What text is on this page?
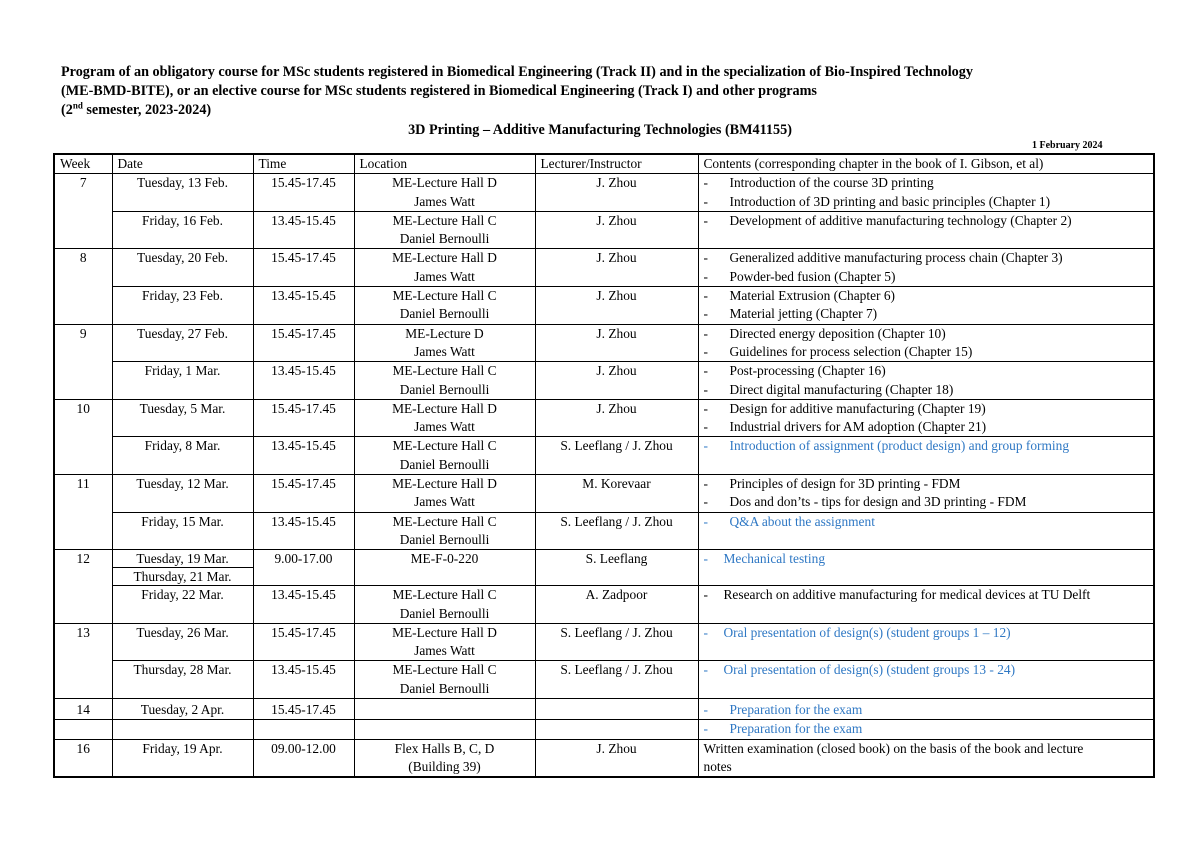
Program of an obligatory course for MSc students registered in Biomedical Engineering (Track II) and in the specialization of Bio-Inspired Technology

(ME-BMD-BITE), or an elective course for MSc students registered in Biomedical Engineering (Track I) and other programs

(2nd semester, 2023-2024)

3D Printing – Additive Manufacturing Technologies (BM41155)
1 February 2024
Week	Date	Time	Location	Lecturer/Instructor	Contents (corresponding chapter in the book of I. Gibson, et al)
7	Tuesday, 13 Feb.	15.45-17.45	ME-Lecture Hall D
James Watt	J. Zhou	- Introduction of the course 3D printing
- Introduction of 3D printing and basic principles (Chapter 1)

	Friday, 16 Feb.	13.45-15.45	ME-Lecture Hall C
Daniel Bernoulli	J. Zhou	- Development of additive manufacturing technology (Chapter 2)

8	Tuesday, 20 Feb.	15.45-17.45	ME-Lecture Hall D
James Watt	J. Zhou	- Generalized additive manufacturing process chain (Chapter 3)
- Powder-bed fusion (Chapter 5)

	Friday, 23 Feb.	13.45-15.45	ME-Lecture Hall C
Daniel Bernoulli	J. Zhou	- Material Extrusion (Chapter 6)
- Material jetting (Chapter 7)

9	Tuesday, 27 Feb.	15.45-17.45	ME-Lecture D
James Watt	J. Zhou	- Directed energy deposition (Chapter 10)
- Guidelines for process selection (Chapter 15)

	Friday, 1 Mar.	13.45-15.45	ME-Lecture Hall C
Daniel Bernoulli	J. Zhou	- Post-processing (Chapter 16)
- Direct digital manufacturing (Chapter 18)

10	Tuesday, 5 Mar.	15.45-17.45	ME-Lecture Hall D
James Watt	J. Zhou	- Design for additive manufacturing (Chapter 19)
- Industrial drivers for AM adoption (Chapter 21)

	Friday, 8 Mar.	13.45-15.45	ME-Lecture Hall C
Daniel Bernoulli	S. Leeflang / J. Zhou	- Introduction of assignment (product design) and group forming

11	Tuesday, 12 Mar.	15.45-17.45	ME-Lecture Hall D
James Watt	M. Korevaar	- Principles of design for 3D printing - FDM
- Dos and don’ts - tips for design and 3D printing - FDM

	Friday, 15 Mar.	13.45-15.45	ME-Lecture Hall C
Daniel Bernoulli	S. Leeflang / J. Zhou	- Q&A about the assignment

12	Tuesday, 19 Mar.	9.00-17.00	ME-F-0-220	S. Leeflang	- Mechanical testing

	Thursday, 21 Mar.				
	Friday, 22 Mar.	13.45-15.45	ME-Lecture Hall C
Daniel Bernoulli	A. Zadpoor	- Research on additive manufacturing for medical devices at TU Delft

13	Tuesday, 26 Mar.	15.45-17.45	ME-Lecture Hall D
James Watt	S. Leeflang / J. Zhou	- Oral presentation of design(s) (student groups 1 – 12)

	Thursday, 28 Mar.	13.45-15.45	ME-Lecture Hall C
Daniel Bernoulli	S. Leeflang / J. Zhou	- Oral presentation of design(s) (student groups 13 - 24)

14	Tuesday, 2 Apr.	15.45-17.45			- Preparation for the exam

					- Preparation for the exam

16	Friday, 19 Apr.	09.00-12.00	Flex Halls B, C, D
(Building 39)	J. Zhou	Written examination (closed book) on the basis of the book and lecture
notes
